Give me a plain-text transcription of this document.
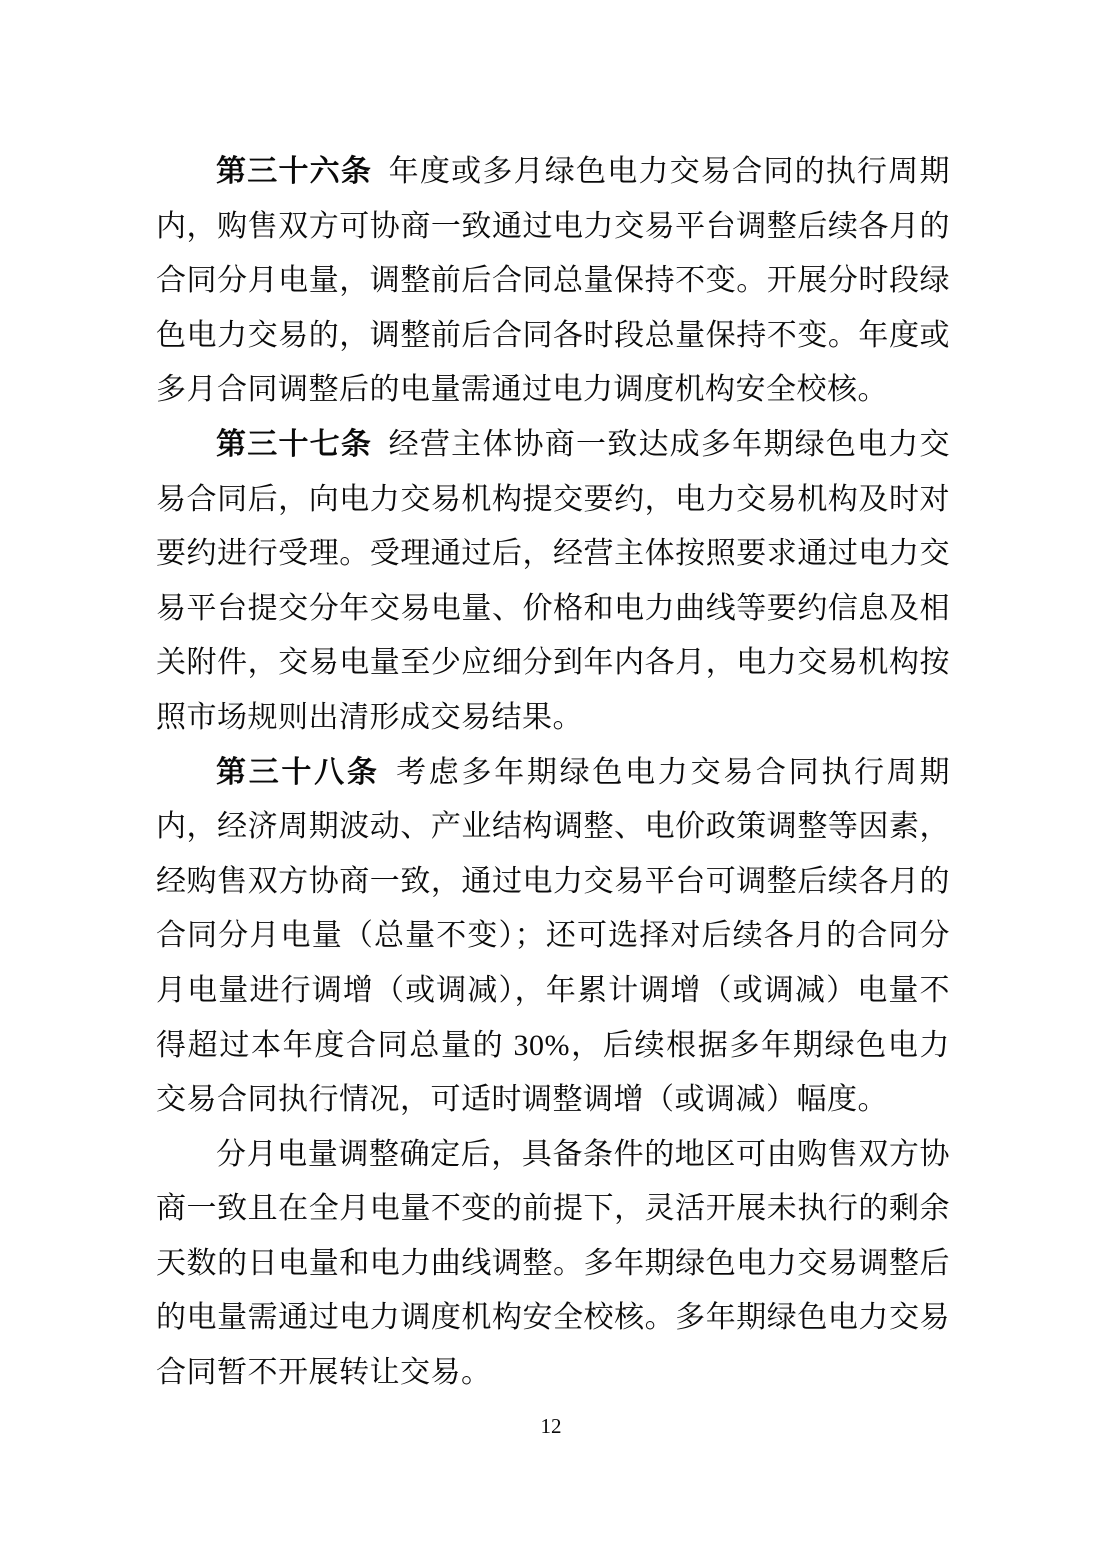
第三十六条 年度或多月绿色电力交易合同的执行周期内，购售双方可协商一致通过电力交易平台调整后续各月的合同分月电量，调整前后合同总量保持不变。开展分时段绿色电力交易的，调整前后合同各时段总量保持不变。年度或多月合同调整后的电量需通过电力调度机构安全校核。

第三十七条 经营主体协商一致达成多年期绿色电力交易合同后，向电力交易机构提交要约，电力交易机构及时对要约进行受理。受理通过后，经营主体按照要求通过电力交易平台提交分年交易电量、价格和电力曲线等要约信息及相关附件，交易电量至少应细分到年内各月，电力交易机构按照市场规则出清形成交易结果。

第三十八条 考虑多年期绿色电力交易合同执行周期内，经济周期波动、产业结构调整、电价政策调整等因素，经购售双方协商一致，通过电力交易平台可调整后续各月的合同分月电量（总量不变）；还可选择对后续各月的合同分月电量进行调增（或调减），年累计调增（或调减）电量不得超过本年度合同总量的 30%，后续根据多年期绿色电力交易合同执行情况，可适时调整调增（或调减）幅度。

分月电量调整确定后，具备条件的地区可由购售双方协商一致且在全月电量不变的前提下，灵活开展未执行的剩余天数的日电量和电力曲线调整。多年期绿色电力交易调整后的电量需通过电力调度机构安全校核。多年期绿色电力交易合同暂不开展转让交易。

12
